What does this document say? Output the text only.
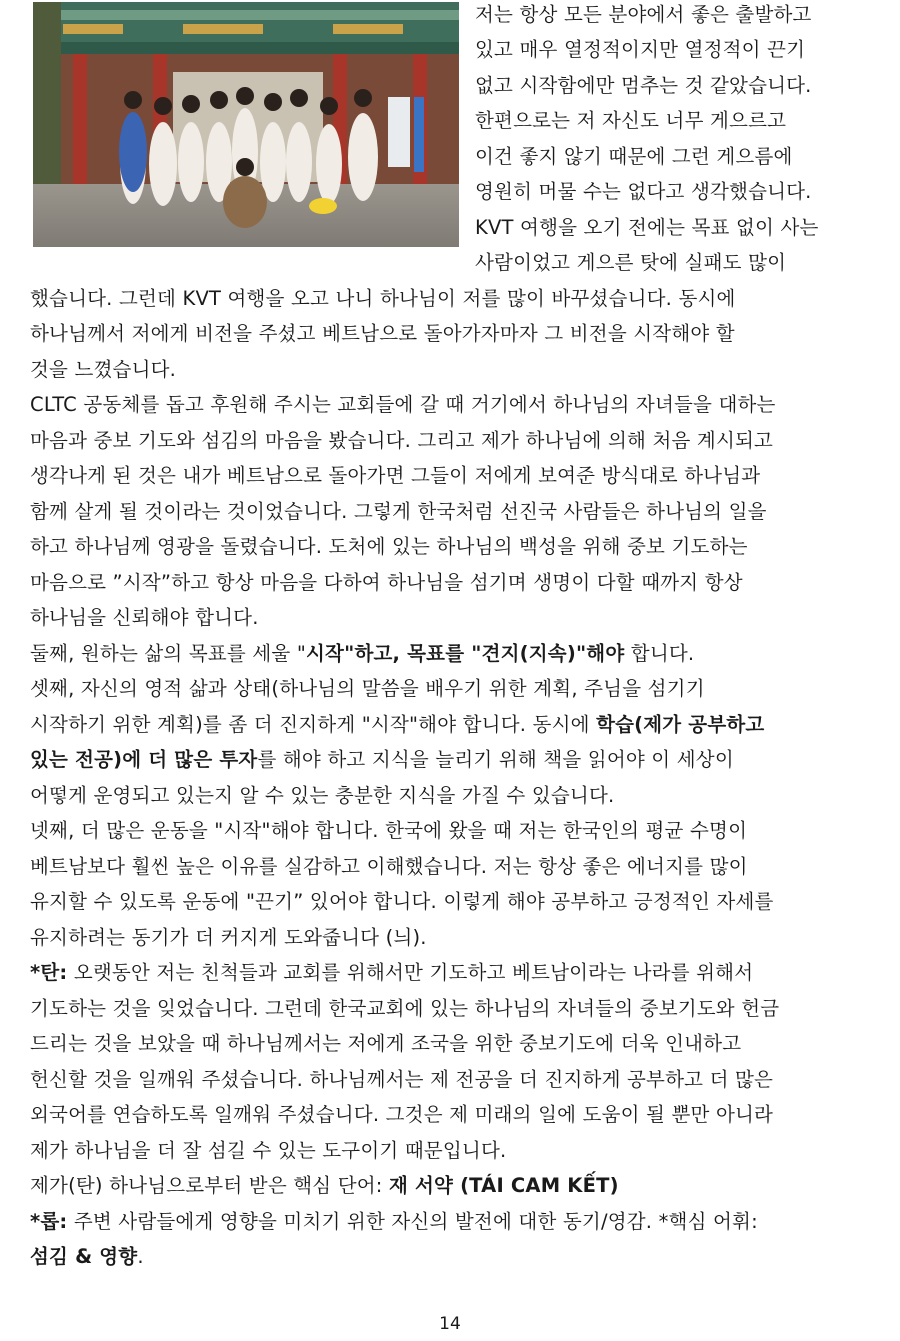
저는 항상 모든 분야에서 좋은 출발하고
있고 매우 열정적이지만 열정적이 끈기
없고 시작함에만 멈추는 것 같았습니다.
한편으로는 저 자신도 너무 게으르고
이건 좋지 않기 때문에 그런 게으름에
영원히 머물 수는 없다고 생각했습니다.
KVT 여행을 오기 전에는 목표 없이 사는
사람이었고 게으른 탓에 실패도 많이
했습니다. 그런데 KVT 여행을 오고 나니 하나님이 저를 많이 바꾸셨습니다. 동시에
하나님께서 저에게 비전을 주셨고 베트남으로 돌아가자마자 그 비전을 시작해야 할
것을 느꼈습니다.
CLTC 공동체를 돕고 후원해 주시는 교회들에 갈 때 거기에서 하나님의 자녀들을 대하는
마음과 중보 기도와 섬김의 마음을 봤습니다. 그리고 제가 하나님에 의해 처음 계시되고
생각나게 된 것은 내가 베트남으로 돌아가면 그들이 저에게 보여준 방식대로 하나님과
함께 살게 될 것이라는 것이었습니다. 그렇게 한국처럼 선진국 사람들은 하나님의 일을
하고 하나님께 영광을 돌렸습니다. 도처에 있는 하나님의 백성을 위해 중보 기도하는
마음으로 ”시작”하고 항상 마음을 다하여 하나님을 섬기며 생명이 다할 때까지 항상
하나님을 신뢰해야 합니다.
둘째, 원하는 삶의 목표를 세울 "시작"하고, 목표를 "견지(지속)"해야 합니다.
셋째, 자신의 영적 삶과 상태(하나님의 말씀을 배우기 위한 계획, 주님을 섬기기
시작하기 위한 계획)를 좀 더 진지하게 "시작"해야 합니다. 동시에 학습(제가 공부하고
있는 전공)에 더 많은 투자를 해야 하고 지식을 늘리기 위해 책을 읽어야 이 세상이
어떻게 운영되고 있는지 알 수 있는 충분한 지식을 가질 수 있습니다.
넷째, 더 많은 운동을 "시작"해야 합니다. 한국에 왔을 때 저는 한국인의 평균 수명이
베트남보다 훨씬 높은 이유를 실감하고 이해했습니다. 저는 항상 좋은 에너지를 많이
유지할 수 있도록 운동에 "끈기” 있어야 합니다. 이렇게 해야 공부하고 긍정적인 자세를
유지하려는 동기가 더 커지게 도와줍니다 (늬).
*탄: 오랫동안 저는 친척들과 교회를 위해서만 기도하고 베트남이라는 나라를 위해서
기도하는 것을 잊었습니다. 그런데 한국교회에 있는 하나님의 자녀들의 중보기도와 헌금
드리는 것을 보았을 때 하나님께서는 저에게 조국을 위한 중보기도에 더욱 인내하고
헌신할 것을 일깨워 주셨습니다. 하나님께서는 제 전공을 더 진지하게 공부하고 더 많은
외국어를 연습하도록 일깨워 주셨습니다. 그것은 제 미래의 일에 도움이 될 뿐만 아니라
제가 하나님을 더 잘 섬길 수 있는 도구이기 때문입니다.
제가(탄) 하나님으로부터 받은 핵심 단어: 재 서약 (TÁI CAM KẾT)
*롭: 주변 사람들에게 영향을 미치기 위한 자신의 발전에 대한 동기/영감. *핵심 어휘:
섬김 & 영향.
14
